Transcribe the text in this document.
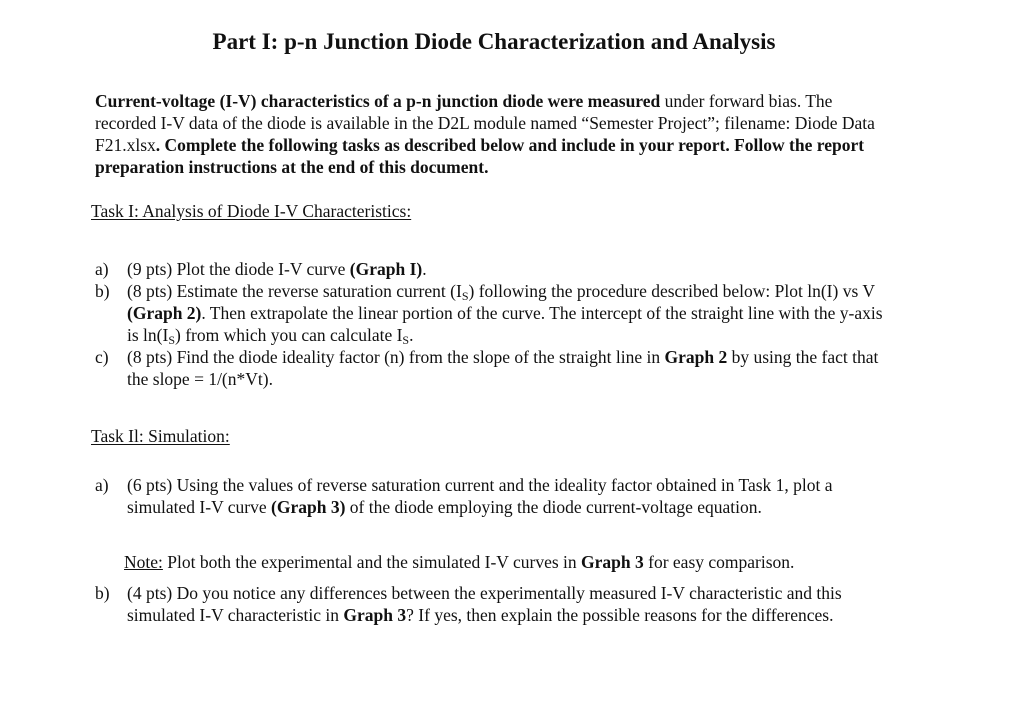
Part I: p-n Junction Diode Characterization and Analysis
Current-voltage (I-V) characteristics of a p-n junction diode were measured under forward bias. The recorded I-V data of the diode is available in the D2L module named “Semester Project”; filename: Diode Data F21.xlsx. Complete the following tasks as described below and include in your report. Follow the report preparation instructions at the end of this document.
Task I: Analysis of Diode I-V Characteristics:
a) (9 pts) Plot the diode I-V curve (Graph I).
b) (8 pts) Estimate the reverse saturation current $(I_S)$ following the procedure described below: Plot ln(I) vs V (Graph 2). Then extrapolate the linear portion of the curve. The intercept of the straight line with the y-axis is $\ln(I_S)$ from which you can calculate $I_S$.
c) (8 pts) Find the diode ideality factor (n) from the slope of the straight line in Graph 2 by using the fact that the slope = 1/(n*Vt).
Task Il: Simulation:
a) (6 pts) Using the values of reverse saturation current and the ideality factor obtained in Task 1, plot a simulated I-V curve (Graph 3) of the diode employing the diode current-voltage equation.
Note: Plot both the experimental and the simulated I-V curves in Graph 3 for easy comparison.
b) (4 pts) Do you notice any differences between the experimentally measured I-V characteristic and this simulated I-V characteristic in Graph 3? If yes, then explain the possible reasons for the differences.
